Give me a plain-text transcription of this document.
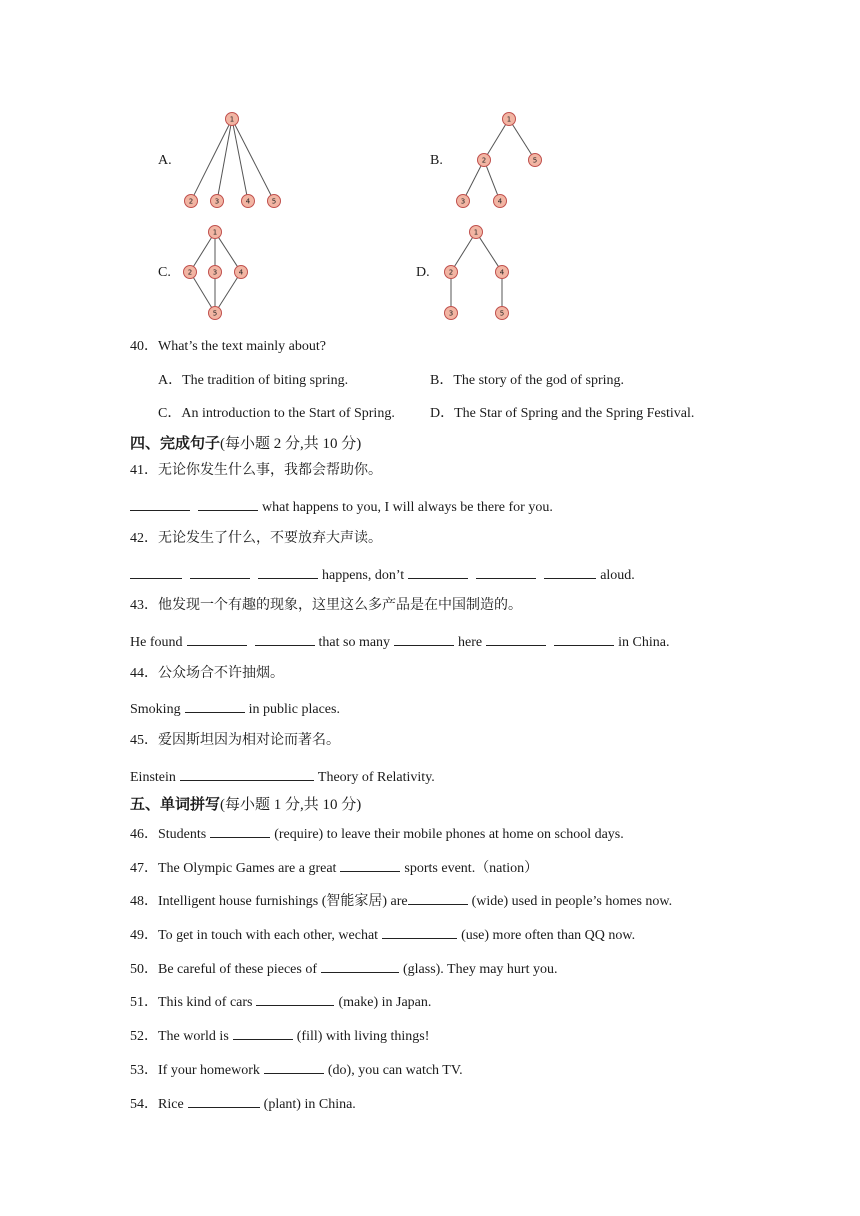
A.	B.
C.	D.
1
2	3	4	5
1
2	5
3	4
1
2	3	4
5
1
2	4
3	5
40．What’s the text mainly about?
A．The tradition of biting spring.	B．The story of the god of spring.
C．An introduction to the Start of Spring.	D．The Star of Spring and the Spring Festival.
四、完成句子(每小题 2 分,共 10 分)
41．无论你发生什么事，我都会帮助你。
what happens to you, I will always be there for you.
42．无论发生了什么，不要放弃大声读。
happens, don’t	aloud.
43．他发现一个有趣的现象，这里这么多产品是在中国制造的。
He found	that so many	here	in China.
44．公众场合不许抽烟。
Smoking	in public places.
45．爱因斯坦因为相对论而著名。
Einstein	Theory of Relativity.
五、单词拼写(每小题 1 分,共 10 分)
46．Students	(require) to leave their mobile phones at home on school days.
47．The Olympic Games are a great	sports event.（nation）
48．Intelligent house furnishings (智能家居) are	(wide) used in people’s homes now.
49．To get in touch with each other, wechat	(use) more often than QQ now.
50．Be careful of these pieces of	(glass). They may hurt you.
51．This kind of cars	(make) in Japan.
52．The world is	(fill) with living things!
53．If your homework	(do), you can watch TV.
54．Rice	(plant) in China.
